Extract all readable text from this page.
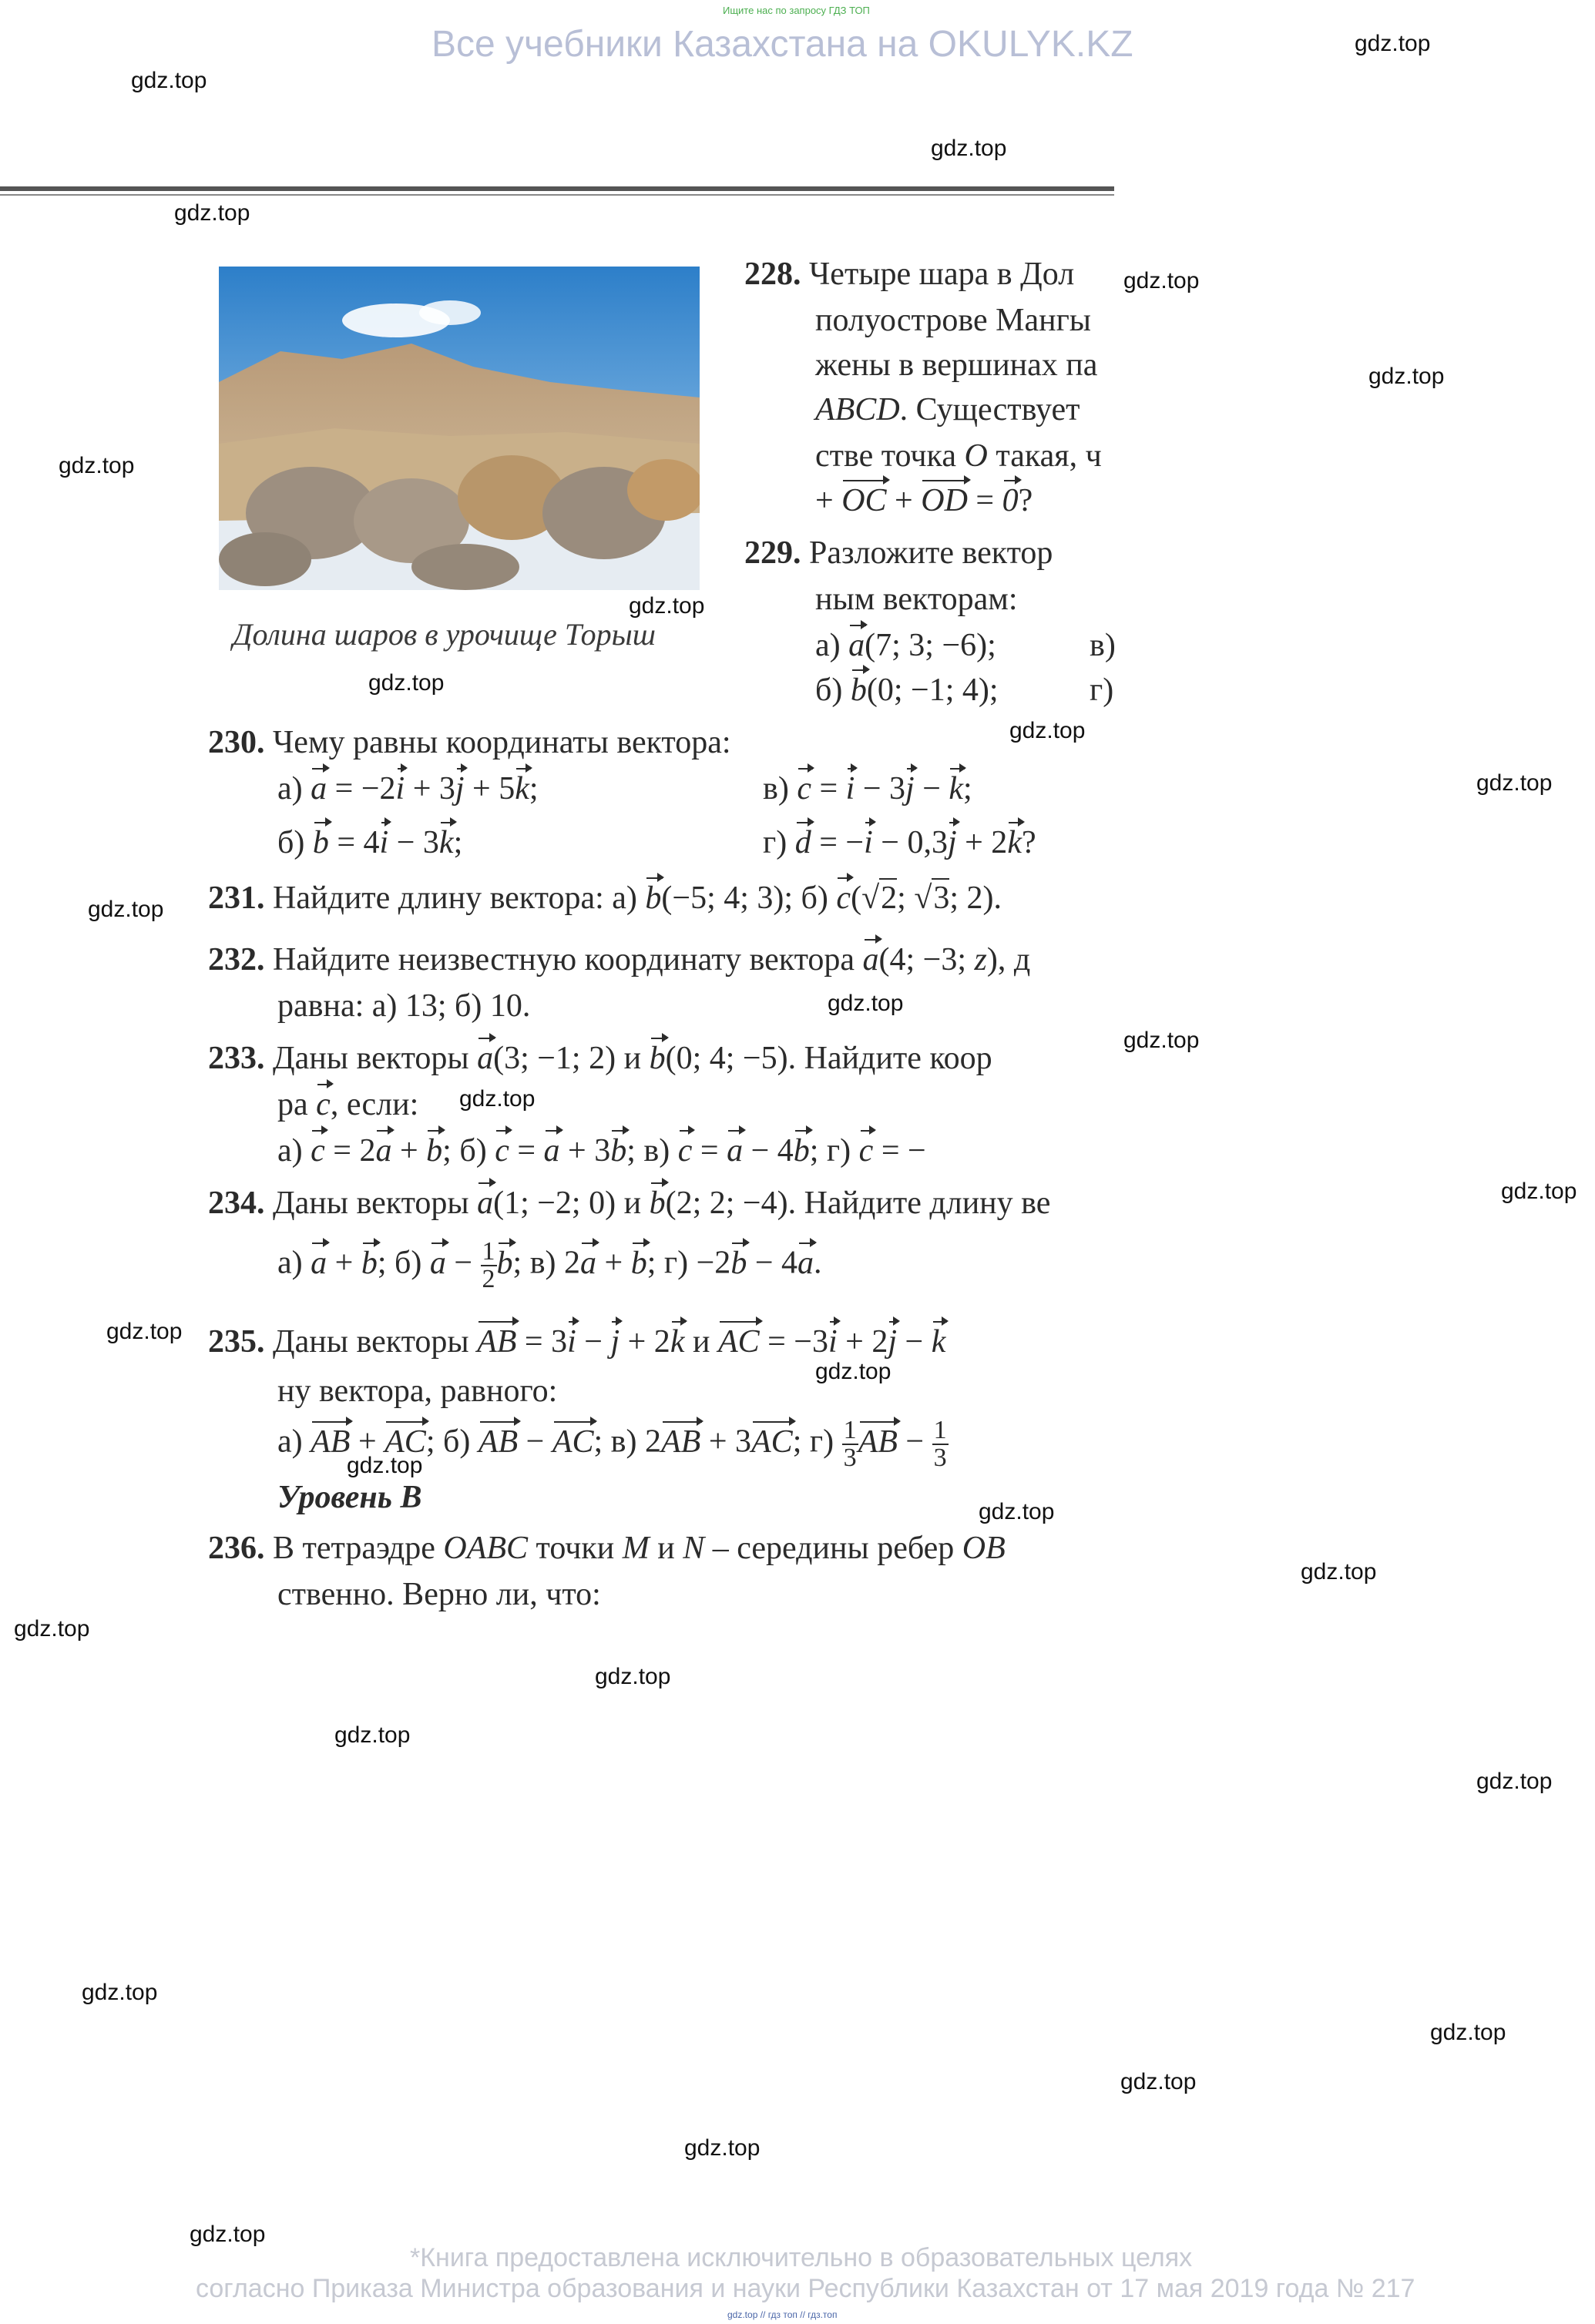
Ищите нас по запросу ГДЗ ТОП
Все учебники Казахстана на OKULYK.KZ
Долина шаров в урочище Торыш
228. Четыре шара в Дол
полуострове Мангы
жены в вершинах па
ABCD. Существует
стве точка O такая, ч
+ OC + OD = 0?
229. Разложите вектор
ным векторам:
а) a(7; 3; −6);	в)
б) b(0; −1; 4);	г)
230. Чему равны координаты вектора:
а) a = −2i + 3j + 5k;	в) c = i − 3j − k;
б) b = 4i − 3k;	г) d = −i − 0,3j + 2k?
231. Найдите длину вектора: а) b(−5; 4; 3); б) c(√2; √3; 2).
232. Найдите неизвестную координату вектора a(4; −3; z), д
равна: а) 13; б) 10.
233. Даны векторы a(3; −1; 2) и b(0; 4; −5). Найдите коор
ра c, если:
а) c = 2a + b; б) c = a + 3b; в) c = a − 4b; г) c = −
234. Даны векторы a(1; −2; 0) и b(2; 2; −4). Найдите длину ве
а) a + b; б) $a - \frac{1}{2} b$; в) 2a + b; г) −2b − 4a.
235. Даны векторы AB = 3i − j + 2k и AC = −3i + 2j − k
ну вектора, равного:
а) AB + AC; б) AB − AC; в) 2AB + 3AC; $г) \frac{1}{3}$ AB − $\frac{1}{3}$
Уровень В
236. В тетраэдре OABC точки M и N – середины ребер OB
ственно. Верно ли, что:
*Книга предоставлена исключительно в образовательных целях
согласно Приказа Министра образования и науки Республики Казахстан от 17 мая 2019 года № 217
gdz.top // гдз топ // гдз.топ
gdz.top
gdz.top
gdz.top
gdz.top
gdz.top
gdz.top
gdz.top
gdz.top
gdz.top
gdz.top
gdz.top
gdz.top
gdz.top
gdz.top
gdz.top
gdz.top
gdz.top
gdz.top
gdz.top
gdz.top
gdz.top
gdz.top
gdz.top
gdz.top
gdz.top
gdz.top
gdz.top
gdz.top
gdz.top
gdz.top
